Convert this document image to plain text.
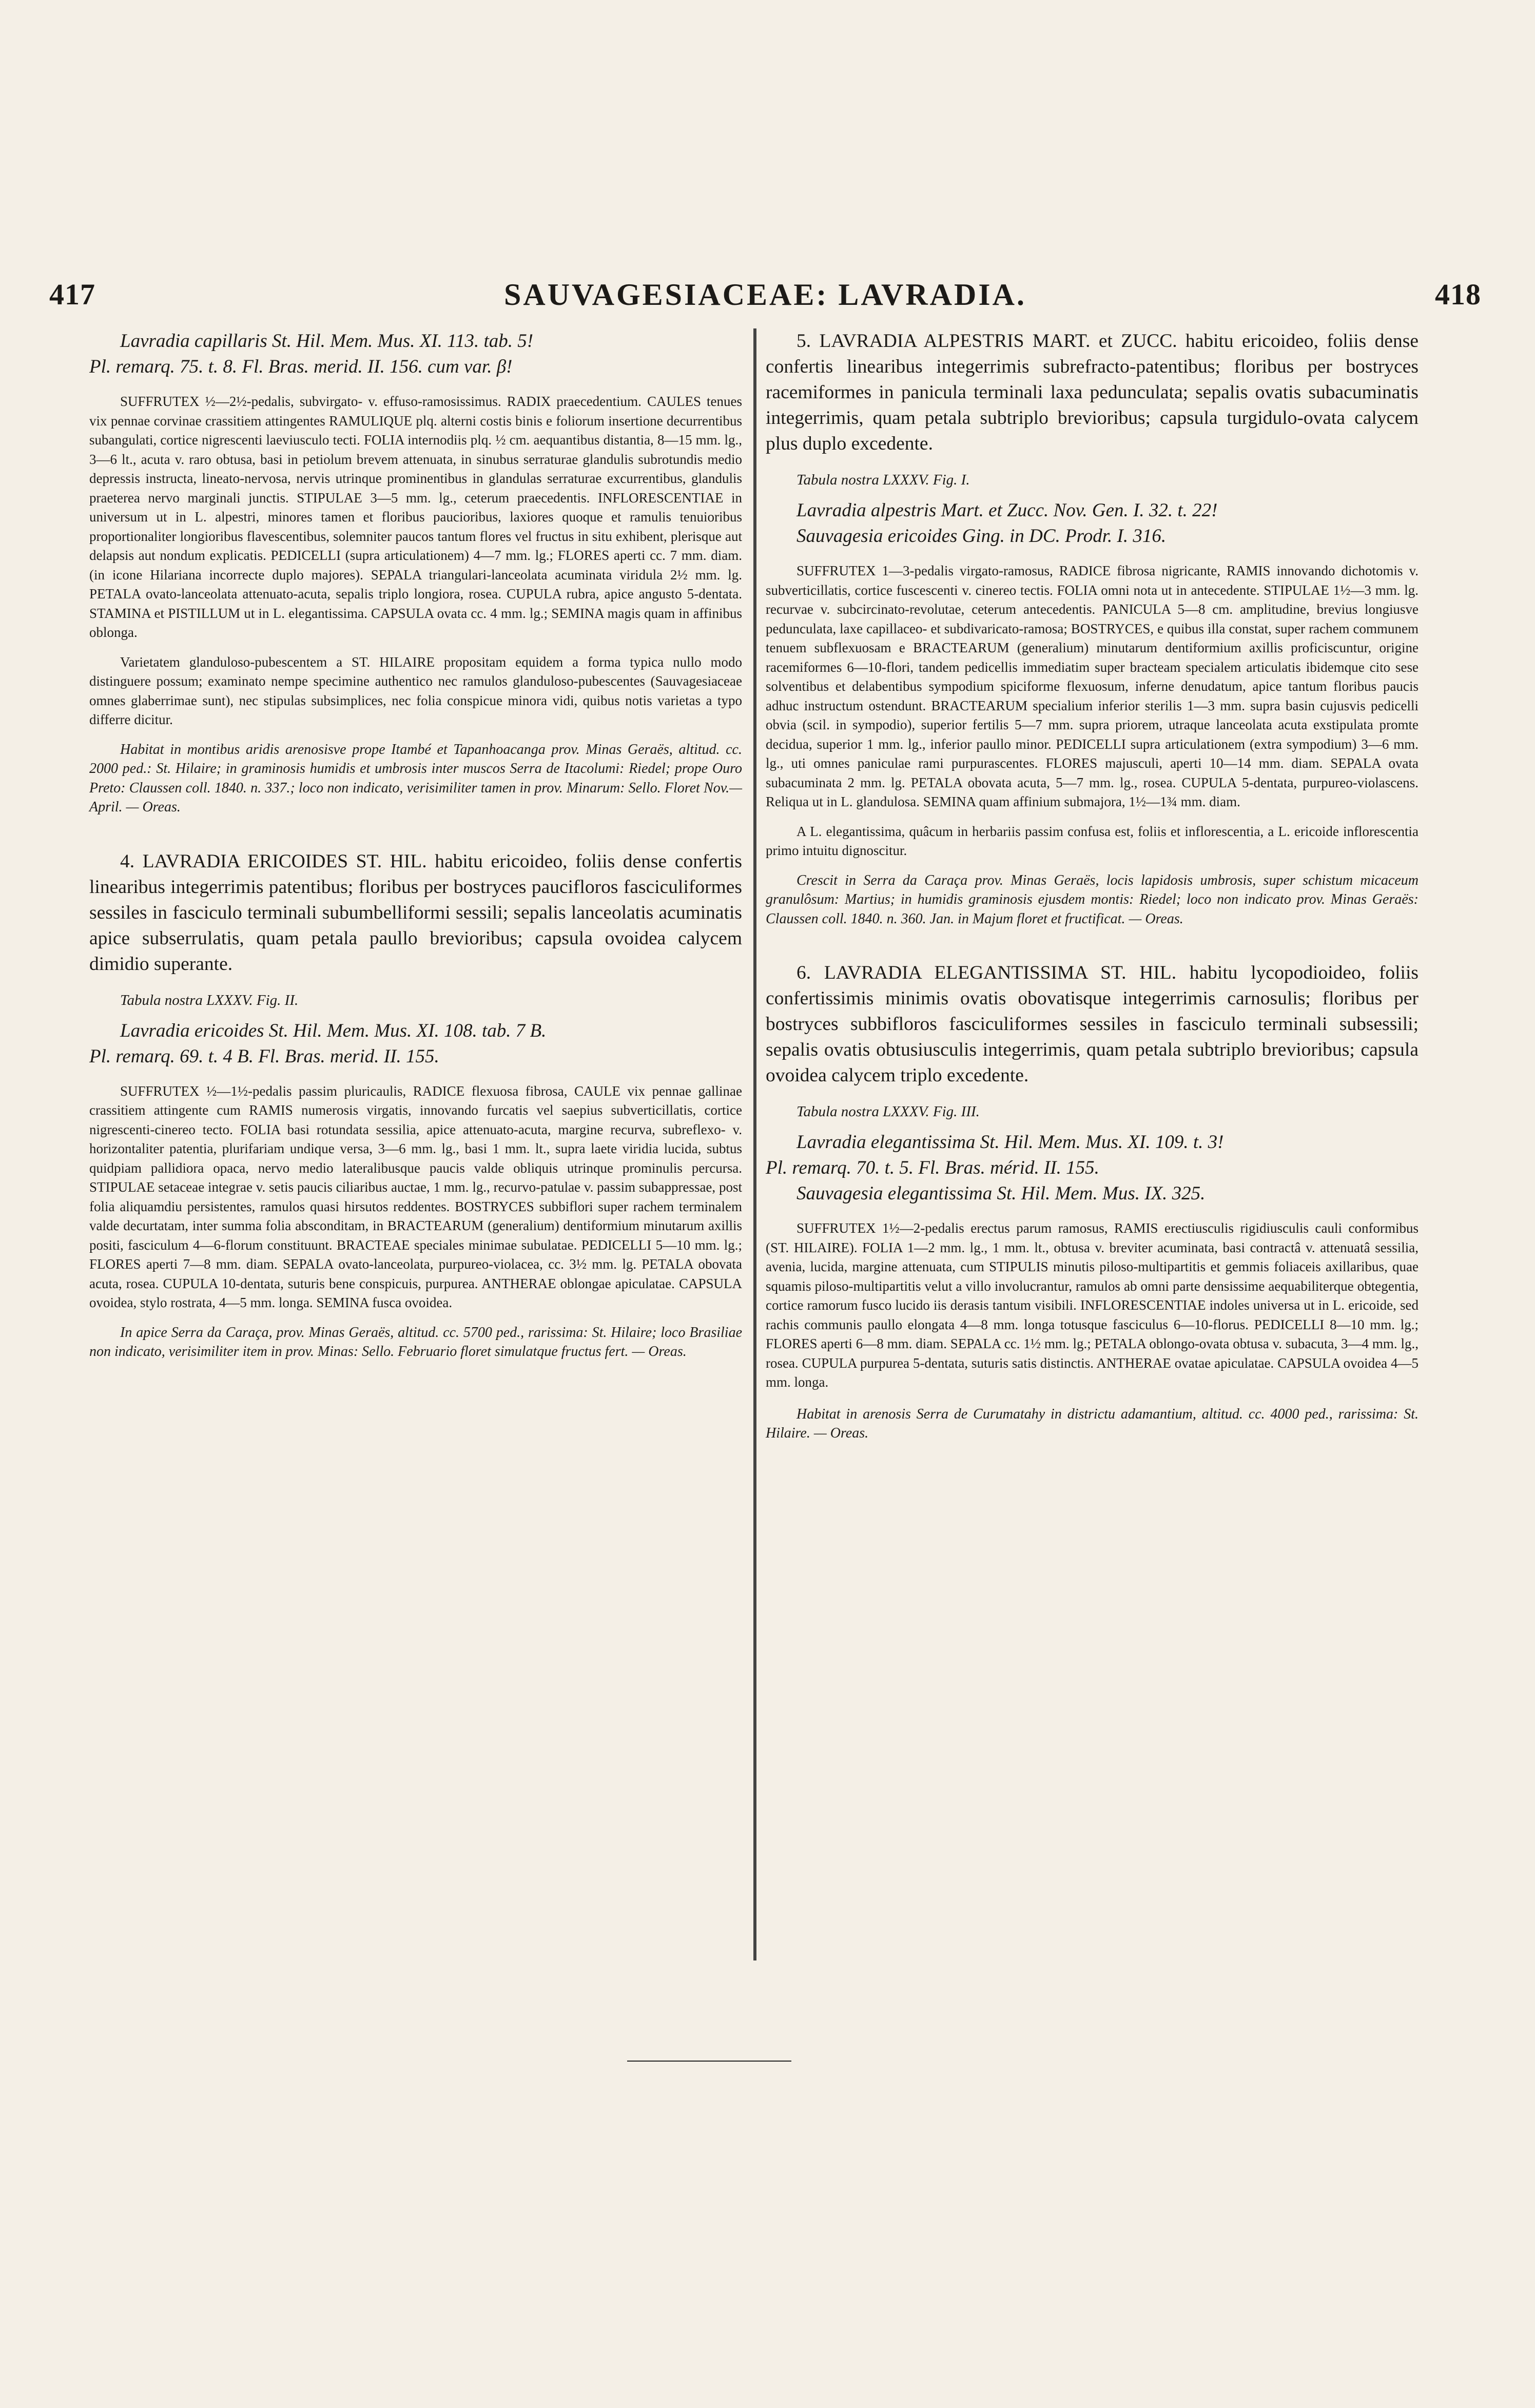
417	SAUVAGESIACEAE: LAVRADIA.	418

Lavradia capillaris St. Hil. Mem. Mus. XI. 113. tab. 5!

Pl. remarq. 75. t. 8. Fl. Bras. merid. II. 156. cum var. β!

SUFFRUTEX ½—2½-pedalis, subvirgato- v. effuso-ramosissimus. RADIX praecedentium. CAULES tenues vix pennae corvinae crassitiem attingentes RAMULIQUE plq. alterni costis binis e foliorum insertione decurrentibus subangulati, cortice nigrescenti laeviusculo tecti. FOLIA internodiis plq. ½ cm. aequantibus distantia, 8—15 mm. lg., 3—6 lt., acuta v. raro obtusa, basi in petiolum brevem attenuata, in sinubus serraturae glandulis subrotundis medio depressis instructa, lineato-nervosa, nervis utrinque prominentibus in glandulas serraturae excurrentibus, glandulis praeterea nervo marginali junctis. STIPULAE 3—5 mm. lg., ceterum praecedentis. INFLORESCENTIAE in universum ut in L. alpestri, minores tamen et floribus paucioribus, laxiores quoque et ramulis tenuioribus proportionaliter longioribus flavescentibus, solemniter paucos tantum flores vel fructus in situ exhibent, plerisque aut delapsis aut nondum explicatis. PEDICELLI (supra articulationem) 4—7 mm. lg.; FLORES aperti cc. 7 mm. diam. (in icone Hilariana incorrecte duplo majores). SEPALA triangulari-lanceolata acuminata viridula 2½ mm. lg. PETALA ovato-lanceolata attenuato-acuta, sepalis triplo longiora, rosea. CUPULA rubra, apice angusto 5-dentata. STAMINA et PISTILLUM ut in L. elegantissima. CAPSULA ovata cc. 4 mm. lg.; SEMINA magis quam in affinibus oblonga.

Varietatem glanduloso-pubescentem a ST. HILAIRE propositam equidem a forma typica nullo modo distinguere possum; examinato nempe specimine authentico nec ramulos glanduloso-pubescentes (Sauvagesiaceae omnes glaberrimae sunt), nec stipulas subsimplices, nec folia conspicue minora vidi, quibus notis varietas a typo differre dicitur.

Habitat in montibus aridis arenosisve prope Itambé et Tapanhoacanga prov. Minas Geraës, altitud. cc. 2000 ped.: St. Hilaire; in graminosis humidis et umbrosis inter muscos Serra de Itacolumi: Riedel; prope Ouro Preto: Claussen coll. 1840. n. 337.; loco non indicato, verisimiliter tamen in prov. Minarum: Sello. Floret Nov.—April. — Oreas.

4. LAVRADIA ERICOIDES ST. HIL. habitu ericoideo, foliis dense confertis linearibus integerrimis patentibus; floribus per bostryces paucifloros fasciculiformes sessiles in fasciculo terminali subumbelliformi sessili; sepalis lanceolatis acuminatis apice subserrulatis, quam petala paullo brevioribus; capsula ovoidea calycem dimidio superante.

Tabula nostra LXXXV. Fig. II.

Lavradia ericoides St. Hil. Mem. Mus. XI. 108. tab. 7 B.

Pl. remarq. 69. t. 4 B. Fl. Bras. merid. II. 155.

SUFFRUTEX ½—1½-pedalis passim pluricaulis, RADICE flexuosa fibrosa, CAULE vix pennae gallinae crassitiem attingente cum RAMIS numerosis virgatis, innovando furcatis vel saepius subverticillatis, cortice nigrescenti-cinereo tecto. FOLIA basi rotundata sessilia, apice attenuato-acuta, margine recurva, subreflexo- v. horizontaliter patentia, plurifariam undique versa, 3—6 mm. lg., basi 1 mm. lt., supra laete viridia lucida, subtus quidpiam pallidiora opaca, nervo medio lateralibusque paucis valde obliquis utrinque prominulis percursa. STIPULAE setaceae integrae v. setis paucis ciliaribus auctae, 1 mm. lg., recurvo-patulae v. passim subappressae, post folia aliquamdiu persistentes, ramulos quasi hirsutos reddentes. BOSTRYCES subbiflori super rachem terminalem valde decurtatam, inter summa folia absconditam, in BRACTEARUM (generalium) dentiformium minutarum axillis positi, fasciculum 4—6-florum constituunt. BRACTEAE speciales minimae subulatae. PEDICELLI 5—10 mm. lg.; FLORES aperti 7—8 mm. diam. SEPALA ovato-lanceolata, purpureo-violacea, cc. 3½ mm. lg. PETALA obovata acuta, rosea. CUPULA 10-dentata, suturis bene conspicuis, purpurea. ANTHERAE oblongae apiculatae. CAPSULA ovoidea, stylo rostrata, 4—5 mm. longa. SEMINA fusca ovoidea.

In apice Serra da Caraça, prov. Minas Geraës, altitud. cc. 5700 ped., rarissima: St. Hilaire; loco Brasiliae non indicato, verisimiliter item in prov. Minas: Sello. Februario floret simulatque fructus fert. — Oreas.

5. LAVRADIA ALPESTRIS MART. et ZUCC. habitu ericoideo, foliis dense confertis linearibus integerrimis subrefracto-patentibus; floribus per bostryces racemiformes in panicula terminali laxa pedunculata; sepalis ovatis subacuminatis integerrimis, quam petala subtriplo brevioribus; capsula turgidulo-ovata calycem plus duplo excedente.

Tabula nostra LXXXV. Fig. I.

Lavradia alpestris Mart. et Zucc. Nov. Gen. I. 32. t. 22!

Sauvagesia ericoides Ging. in DC. Prodr. I. 316.

SUFFRUTEX 1—3-pedalis virgato-ramosus, RADICE fibrosa nigricante, RAMIS innovando dichotomis v. subverticillatis, cortice fuscescenti v. cinereo tectis. FOLIA omni nota ut in antecedente. STIPULAE 1½—3 mm. lg. recurvae v. subcircinato-revolutae, ceterum antecedentis. PANICULA 5—8 cm. amplitudine, brevius longiusve pedunculata, laxe capillaceo- et subdivaricato-ramosa; BOSTRYCES, e quibus illa constat, super rachem communem tenuem subflexuosam e BRACTEARUM (generalium) minutarum dentiformium axillis proficiscuntur, origine racemiformes 6—10-flori, tandem pedicellis immediatim super bracteam specialem articulatis ibidemque cito sese solventibus et delabentibus sympodium spiciforme flexuosum, inferne denudatum, apice tantum floribus paucis adhuc instructum ostendunt. BRACTEARUM specialium inferior sterilis 1—3 mm. supra basin cujusvis pedicelli obvia (scil. in sympodio), superior fertilis 5—7 mm. supra priorem, utraque lanceolata acuta exstipulata promte decidua, superior 1 mm. lg., inferior paullo minor. PEDICELLI supra articulationem (extra sympodium) 3—6 mm. lg., uti omnes paniculae rami purpurascentes. FLORES majusculi, aperti 10—14 mm. diam. SEPALA ovata subacuminata 2 mm. lg. PETALA obovata acuta, 5—7 mm. lg., rosea. CUPULA 5-dentata, purpureo-violascens. Reliqua ut in L. glandulosa. SEMINA quam affinium submajora, 1½—1¾ mm. diam.

A L. elegantissima, quâcum in herbariis passim confusa est, foliis et inflorescentia, a L. ericoide inflorescentia primo intuitu dignoscitur.

Crescit in Serra da Caraça prov. Minas Geraës, locis lapidosis umbrosis, super schistum micaceum granulôsum: Martius; in humidis graminosis ejusdem montis: Riedel; loco non indicato prov. Minas Geraës: Claussen coll. 1840. n. 360. Jan. in Majum floret et fructificat. — Oreas.

6. LAVRADIA ELEGANTISSIMA ST. HIL. habitu lycopodioideo, foliis confertissimis minimis ovatis obovatisque integerrimis carnosulis; floribus per bostryces subbifloros fasciculiformes sessiles in fasciculo terminali subsessili; sepalis ovatis obtusiusculis integerrimis, quam petala subtriplo brevioribus; capsula ovoidea calycem triplo excedente.

Tabula nostra LXXXV. Fig. III.

Lavradia elegantissima St. Hil. Mem. Mus. XI. 109. t. 3!

Pl. remarq. 70. t. 5. Fl. Bras. mérid. II. 155.

Sauvagesia elegantissima St. Hil. Mem. Mus. IX. 325.

SUFFRUTEX 1½—2-pedalis erectus parum ramosus, RAMIS erectiusculis rigidiusculis cauli conformibus (ST. HILAIRE). FOLIA 1—2 mm. lg., 1 mm. lt., obtusa v. breviter acuminata, basi contractâ v. attenuatâ sessilia, avenia, lucida, margine attenuata, cum STIPULIS minutis piloso-multipartitis et gemmis foliaceis axillaribus, quae squamis piloso-multipartitis velut a villo involucrantur, ramulos ab omni parte densissime aequabiliterque obtegentia, cortice ramorum fusco lucido iis derasis tantum visibili. INFLORESCENTIAE indoles universa ut in L. ericoide, sed rachis communis paullo elongata 4—8 mm. longa totusque fasciculus 6—10-florus. PEDICELLI 8—10 mm. lg.; FLORES aperti 6—8 mm. diam. SEPALA cc. 1½ mm. lg.; PETALA oblongo-ovata obtusa v. subacuta, 3—4 mm. lg., rosea. CUPULA purpurea 5-dentata, suturis satis distinctis. ANTHERAE ovatae apiculatae. CAPSULA ovoidea 4—5 mm. longa.

Habitat in arenosis Serra de Curumatahy in districtu adamantium, altitud. cc. 4000 ped., rarissima: St. Hilaire. — Oreas.
